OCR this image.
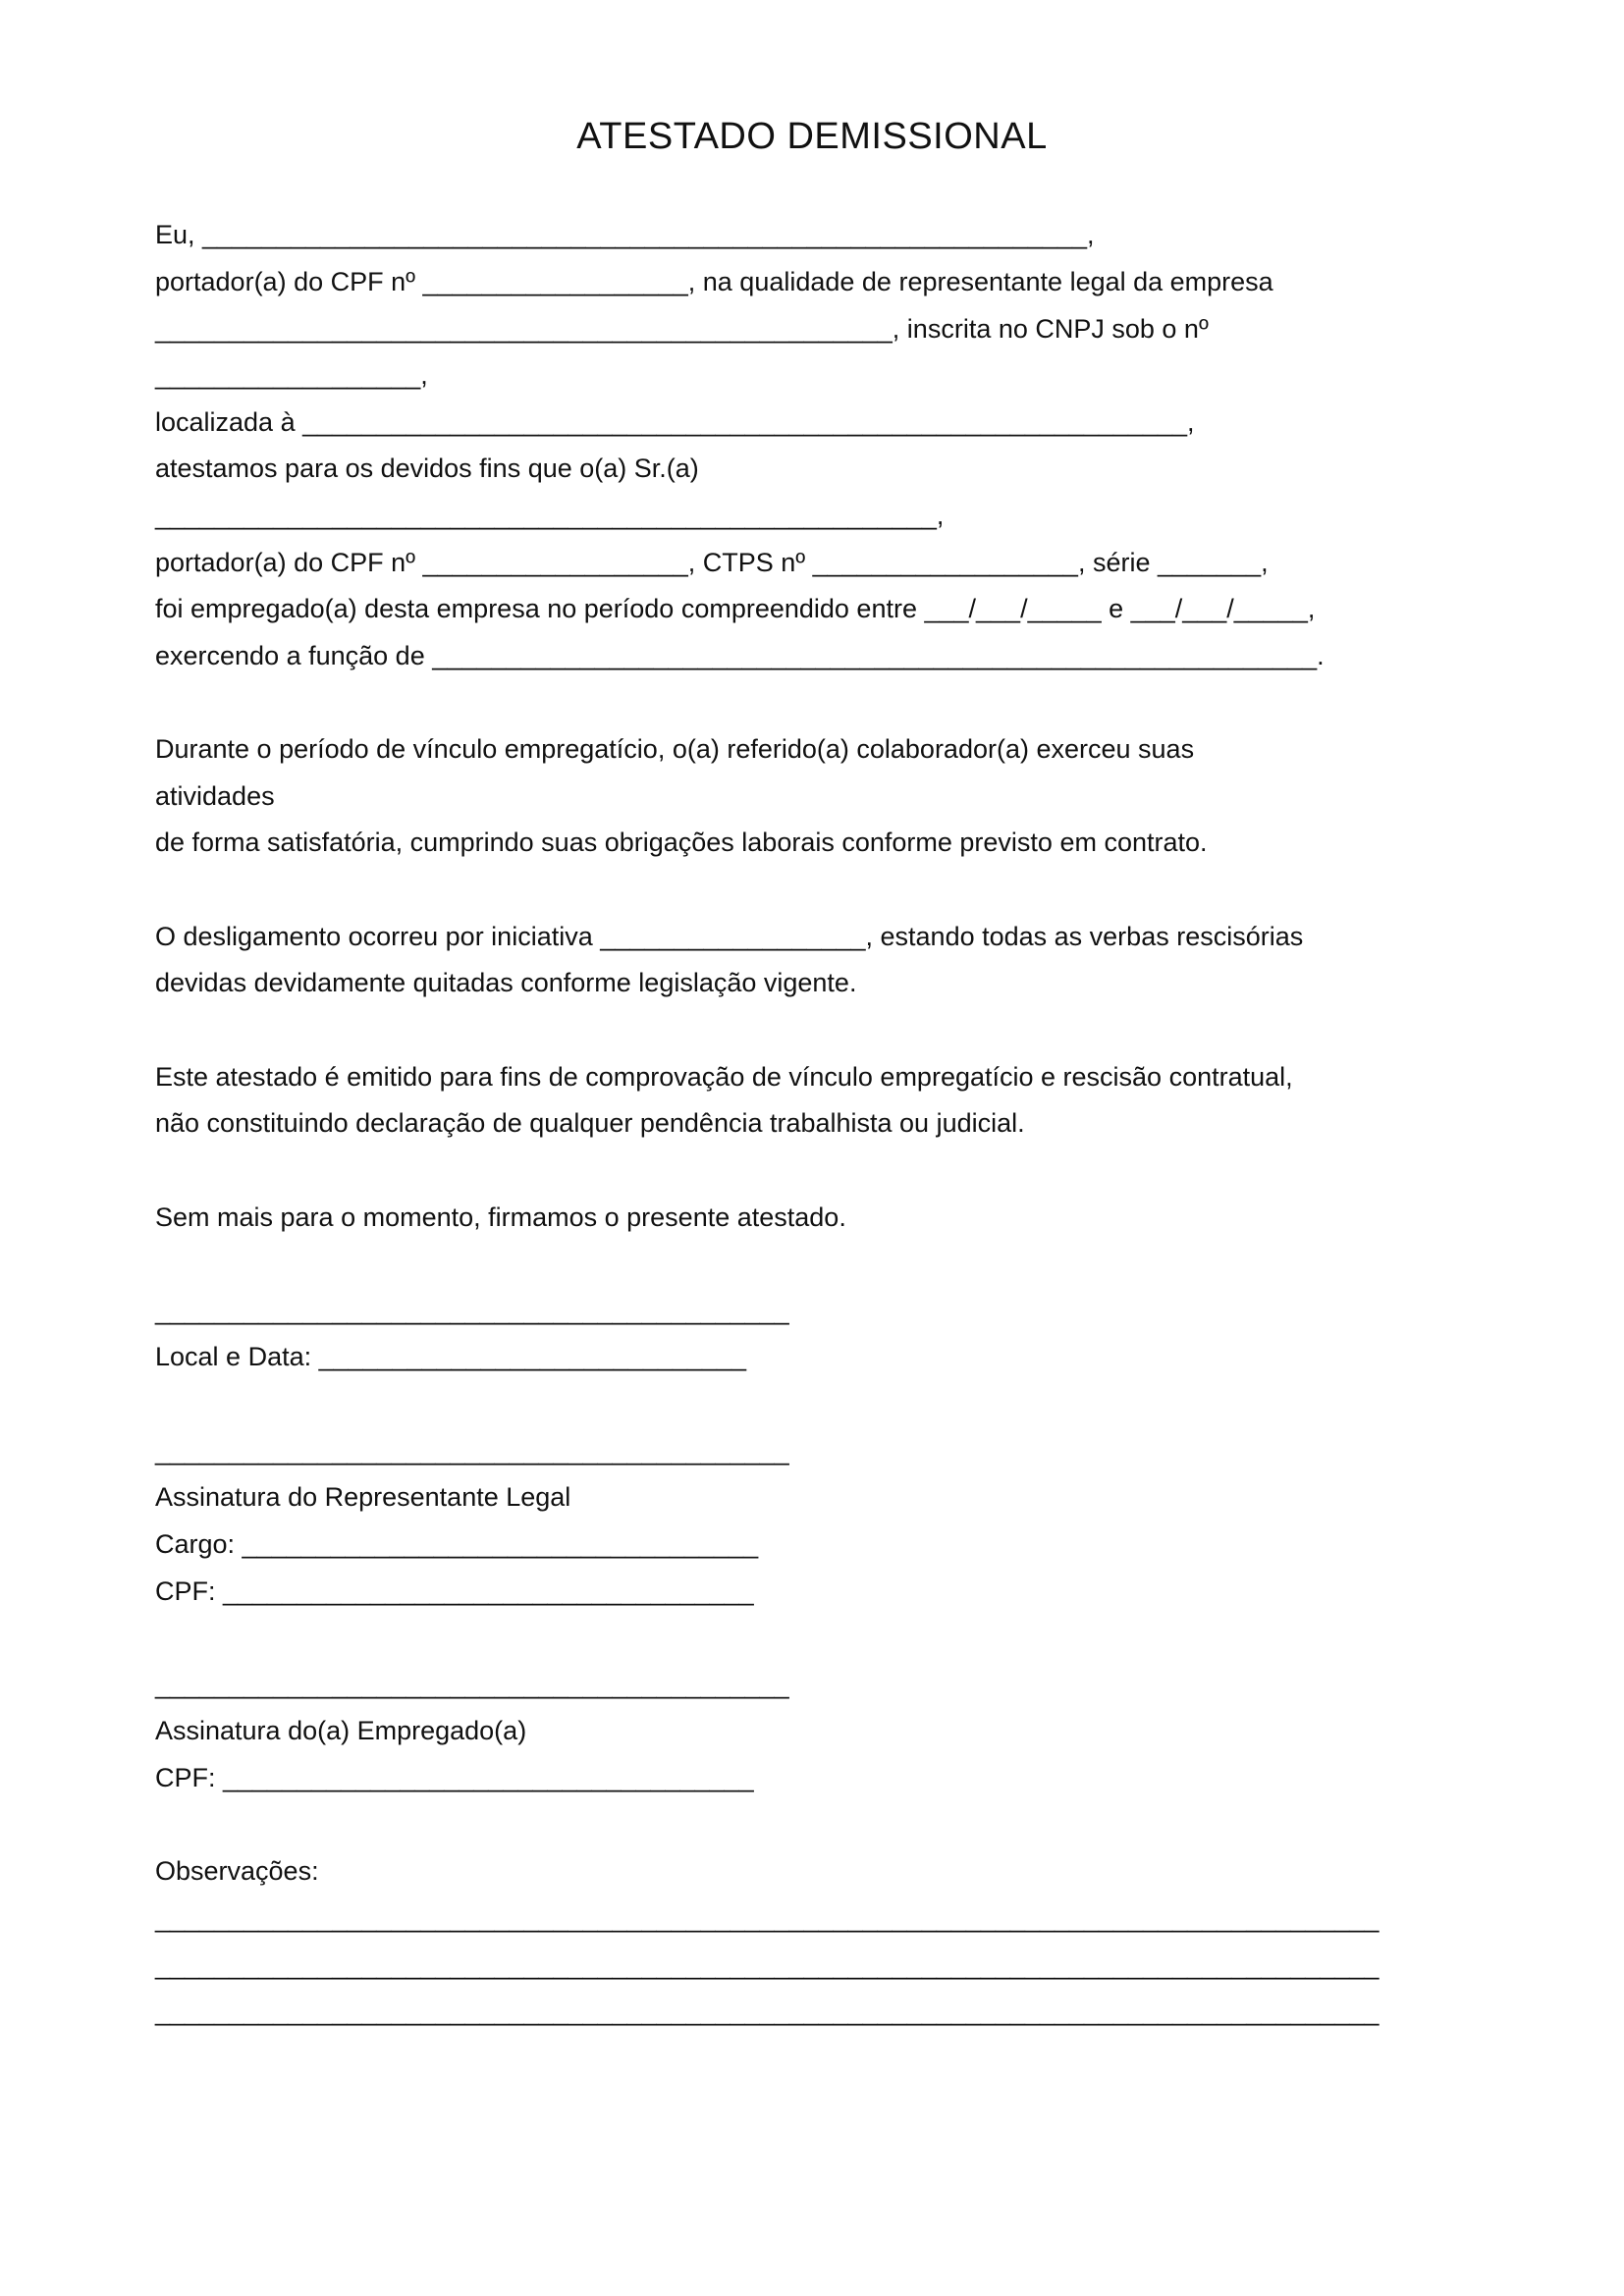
ATESTADO DEMISSIONAL

Eu, ____________________________________________________________,

portador(a) do CPF nº __________________, na qualidade de representante legal da empresa

__________________________________________________, inscrita no CNPJ sob o nº

__________________,

localizada à ____________________________________________________________,

atestamos para os devidos fins que o(a) Sr.(a)

_____________________________________________________,

portador(a) do CPF nº __________________, CTPS nº __________________, série _______,

foi empregado(a) desta empresa no período compreendido entre ___/___/_____ e ___/___/_____,

exercendo a função de ____________________________________________________________.

Durante o período de vínculo empregatício, o(a) referido(a) colaborador(a) exerceu suas

atividades

de forma satisfatória, cumprindo suas obrigações laborais conforme previsto em contrato.

O desligamento ocorreu por iniciativa __________________, estando todas as verbas rescisórias

devidas devidamente quitadas conforme legislação vigente.

Este atestado é emitido para fins de comprovação de vínculo empregatício e rescisão contratual,

não constituindo declaração de qualquer pendência trabalhista ou judicial.

Sem mais para o momento, firmamos o presente atestado.

___________________________________________

Local e Data: _____________________________

___________________________________________

Assinatura do Representante Legal

Cargo: ___________________________________

CPF: ____________________________________

___________________________________________

Assinatura do(a) Empregado(a)

CPF: ____________________________________

Observações:

___________________________________________________________________________________

___________________________________________________________________________________

___________________________________________________________________________________
